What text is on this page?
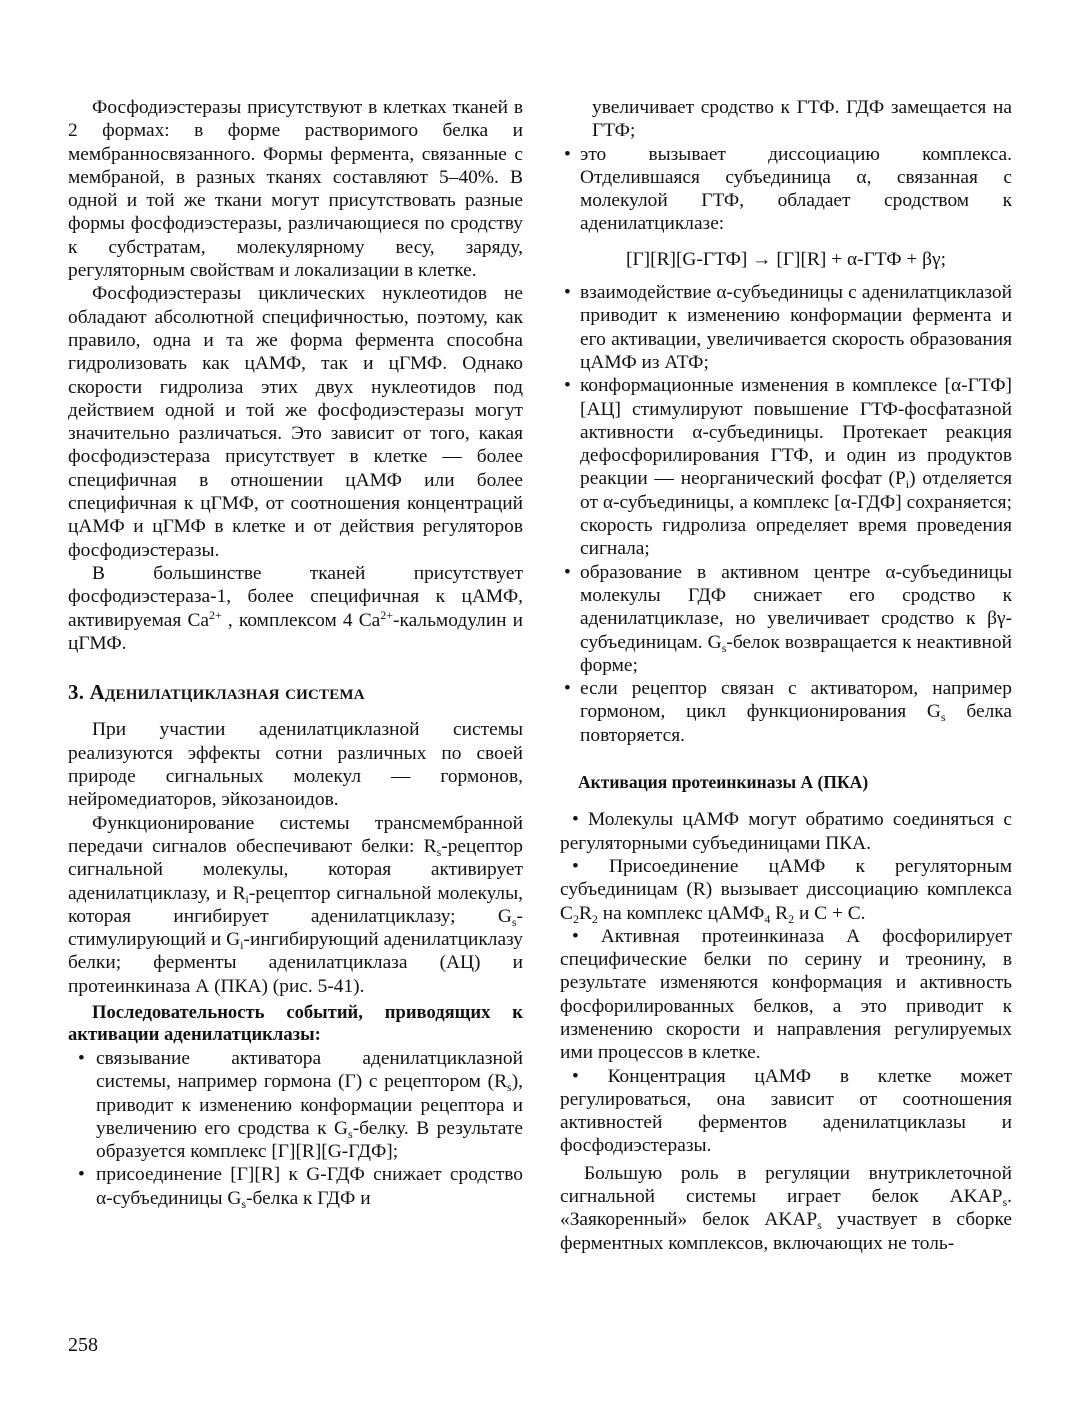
Фосфодиэстеразы присутствуют в клетках тканей в 2 формах: в форме растворимого белка и мембранносвязанного. Формы фермента, связанные с мембраной, в разных тканях составляют 5–40%. В одной и той же ткани могут присутствовать разные формы фосфодиэстеразы, различающиеся по сродству к субстратам, молекулярному весу, заряду, регуляторным свойствам и локализации в клетке.

Фосфодиэстеразы циклических нуклеотидов не обладают абсолютной специфичностью, поэтому, как правило, одна и та же форма фермента способна гидролизовать как цАМФ, так и цГМФ. Однако скорости гидролиза этих двух нуклеотидов под действием одной и той же фосфодиэстеразы могут значительно различаться. Это зависит от того, какая фосфодиэстераза присутствует в клетке — более специфичная в отношении цАМФ или более специфичная к цГМФ, от соотношения концентраций цАМФ и цГМФ в клетке и от действия регуляторов фосфодиэстеразы.

В большинстве тканей присутствует фосфодиэстераза-1, более специфичная к цАМФ, активируемая $Ca^{2+}$ , комплексом 4 $Ca^{2+}$-кальмодулин и цГМФ.

3. Аденилатциклазная система

При участии аденилатциклазной системы реализуются эффекты сотни различных по своей природе сигнальных молекул — гормонов, нейромедиаторов, эйкозаноидов.

Функционирование системы трансмембранной передачи сигналов обеспечивают белки: $R_s$-рецептор сигнальной молекулы, которая активирует аденилатциклазу, и $R_i$-рецептор сигнальной молекулы, которая ингибирует аденилатциклазу; $G_s$-стимулирующий и $G_i$-ингибирующий аденилатциклазу белки; ферменты аденилатциклаза (АЦ) и протеинкиназа А (ПКА) (рис. 5-41).

Последовательность событий, приводящих к активации аденилатциклазы:

• связывание активатора аденилатциклазной системы, например гормона (Г) с рецептором $(R_s)$, приводит к изменению конформации рецептора и увеличению его сродства к $G_s$-белку. В результате образуется комплекс [Г][R][G-ГДФ];
• присоединение [Г][R] к G-ГДФ снижает сродство α-субъединицы $G_s$-белка к ГДФ и

увеличивает сродство к ГТФ. ГДФ замещается на ГТФ;

• это вызывает диссоциацию комплекса. Отделившаяся субъединица α, связанная с молекулой ГТФ, обладает сродством к аденилатциклазе:

[Г][R][G-ГТФ] → [Г][R] + α-ГТФ + βγ;

• взаимодействие α-субъединицы с аденилатциклазой приводит к изменению конформации фермента и его активации, увеличивается скорость образования цАМФ из АТФ;
• конформационные изменения в комплексе [α-ГТФ][АЦ] стимулируют повышение ГТФ-фосфатазной активности α-субъединицы. Протекает реакция дефосфорилирования ГТФ, и один из продуктов реакции — неорганический фосфат $(P_i)$ отделяется от α-субъединицы, а комплекс [α-ГДФ] сохраняется; скорость гидролиза определяет время проведения сигнала;
• образование в активном центре α-субъединицы молекулы ГДФ снижает его сродство к аденилатциклазе, но увеличивает сродство к βγ-субъединицам. $G_s$-белок возвращается к неактивной форме;
• если рецептор связан с активатором, например гормоном, цикл функционирования $G_s$ белка повторяется.

Активация протеинкиназы А (ПКА)

• Молекулы цАМФ могут обратимо соединяться с регуляторными субъединицами ПКА.

• Присоединение цАМФ к регуляторным субъединицам (R) вызывает диссоциацию комплекса $C_2R_2$ на комплекс цАМФ$_4$ $R_2$ и C + C.

• Активная протеинкиназа А фосфорилирует специфические белки по серину и треонину, в результате изменяются конформация и активность фосфорилированных белков, а это приводит к изменению скорости и направления регулируемых ими процессов в клетке.

• Концентрация цАМФ в клетке может регулироваться, она зависит от соотношения активностей ферментов аденилатциклазы и фосфодиэстеразы.

Большую роль в регуляции внутриклеточной сигнальной системы играет белок $AKAP_s$. «Заякоренный» белок $AKAP_s$ участвует в сборке ферментных комплексов, включающих не толь-

258
